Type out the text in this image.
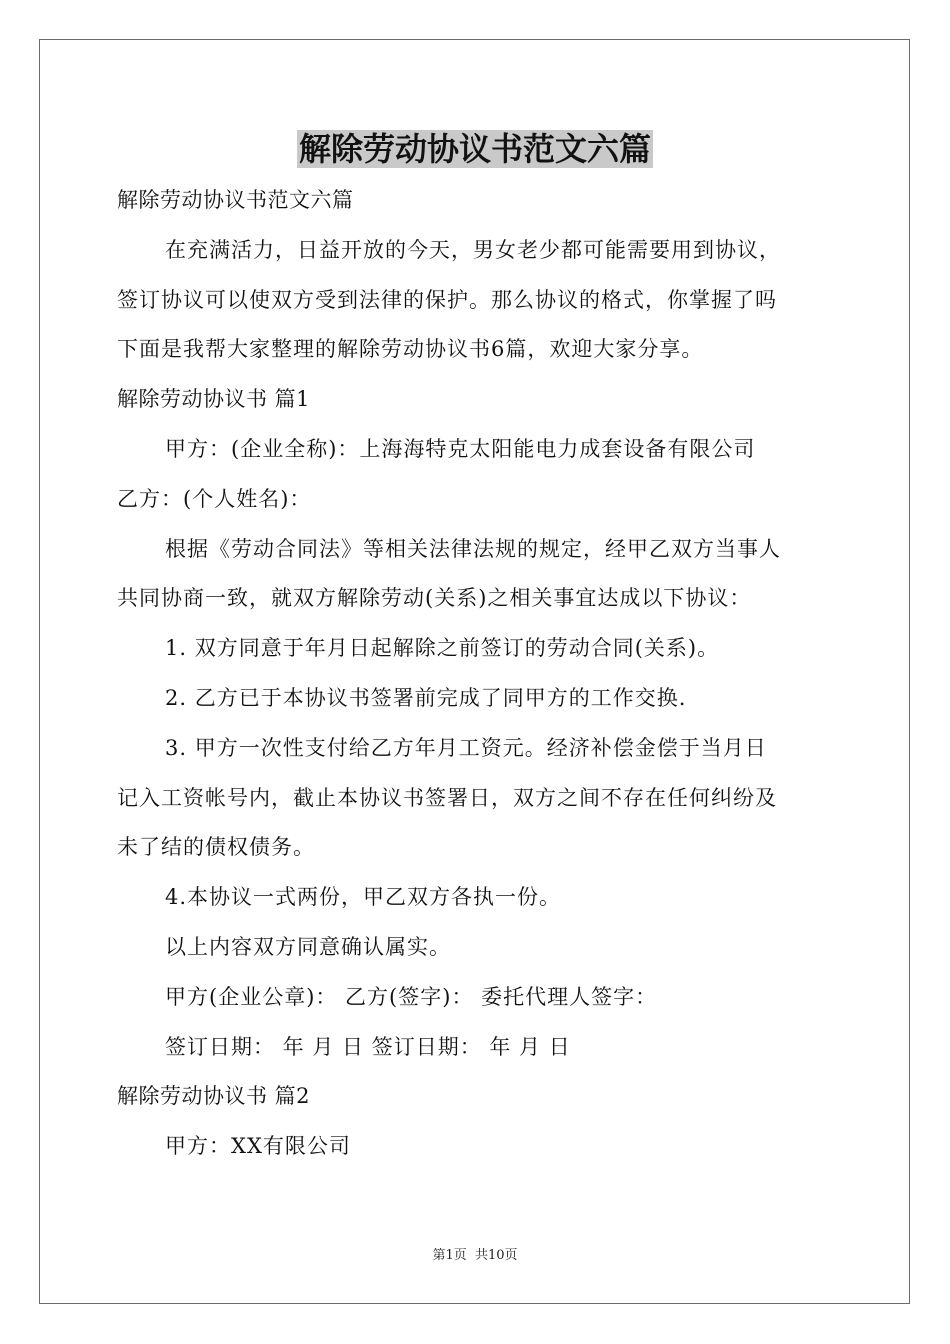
解除劳动协议书范文六篇

解除劳动协议书范文六篇

在充满活力，日益开放的今天，男女老少都可能需要用到协议，

签订协议可以使双方受到法律的保护。那么协议的格式，你掌握了吗

下面是我帮大家整理的解除劳动协议书6篇，欢迎大家分享。

解除劳动协议书 篇1

甲方：(企业全称)：上海海特克太阳能电力成套设备有限公司

乙方：(个人姓名)：

根据《劳动合同法》等相关法律法规的规定，经甲乙双方当事人

共同协商一致，就双方解除劳动(关系)之相关事宜达成以下协议：

1. 双方同意于年月日起解除之前签订的劳动合同(关系)。

2. 乙方已于本协议书签署前完成了同甲方的工作交换.

3. 甲方一次性支付给乙方年月工资元。经济补偿金偿于当月日

记入工资帐号内，截止本协议书签署日，双方之间不存在任何纠纷及

未了结的债权债务。

4.本协议一式两份，甲乙双方各执一份。

以上内容双方同意确认属实。

甲方(企业公章)： 乙方(签字)： 委托代理人签字：

签订日期： 年 月 日 签订日期： 年 月 日

解除劳动协议书 篇2

甲方：XX有限公司

第1页  共10页
